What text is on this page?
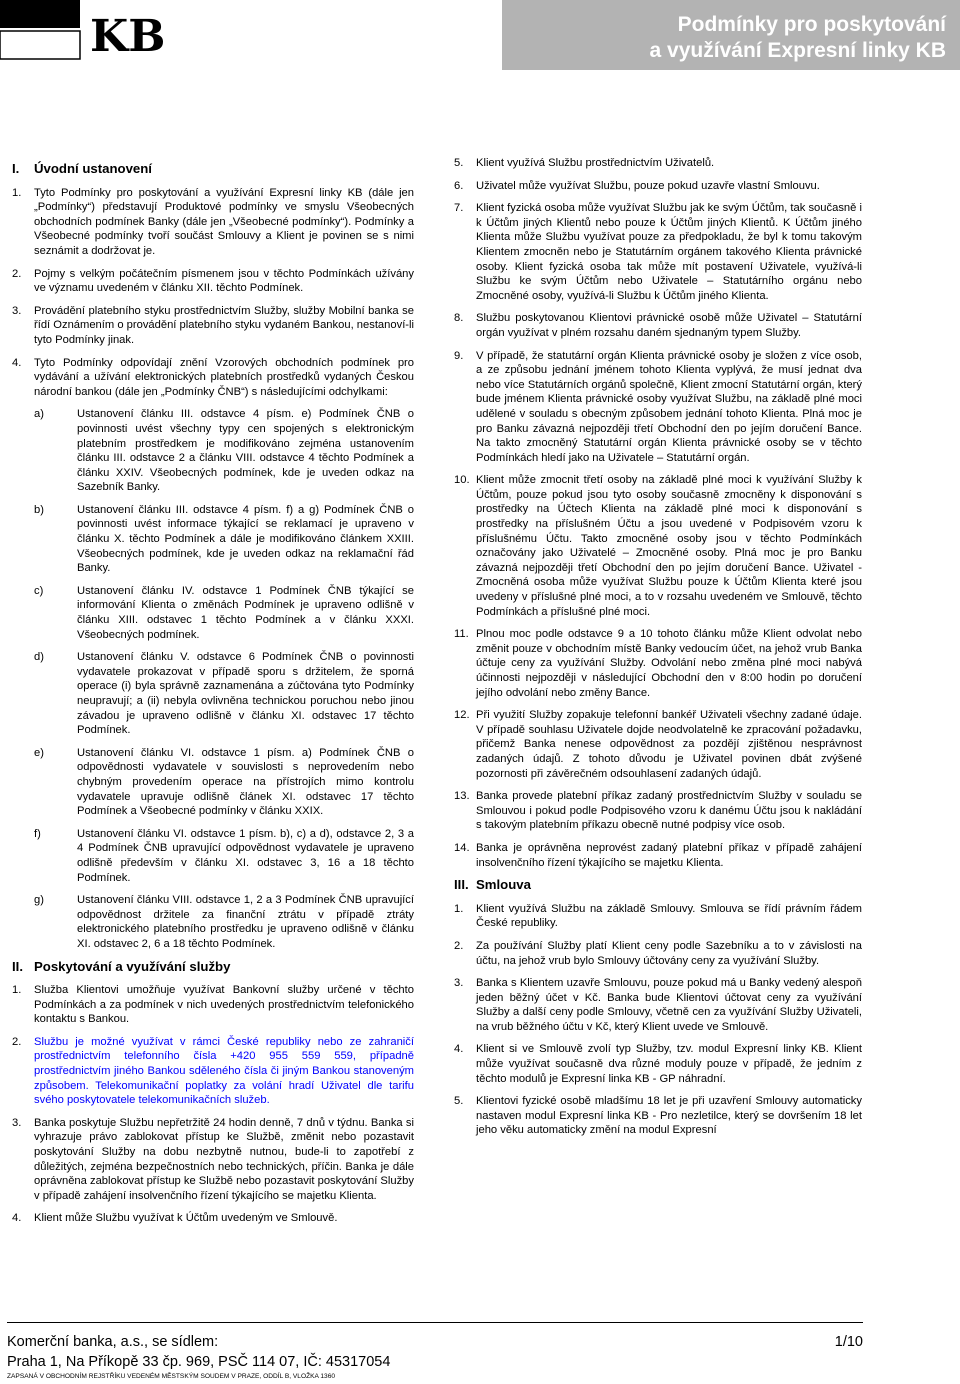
KB	Podmínky pro poskytování
a využívání Expresní linky KB
I. Úvodní ustanovení
1. Tyto Podmínky pro poskytování a využívání Expresní linky KB (dále jen „Podmínky“) představují Produktové podmínky ve smyslu Všeobecných obchodních podmínek Banky (dále jen „Všeobecné podmínky“). Podmínky a Všeobecné podmínky tvoří součást Smlouvy a Klient je povinen se s nimi seznámit a dodržovat je.
2. Pojmy s velkým počátečním písmenem jsou v těchto Podmínkách užívány ve významu uvedeném v článku XII. těchto Podmínek.
3. Provádění platebního styku prostřednictvím Služby, služby Mobilní banka se řídí Oznámením o provádění platebního styku vydaném Bankou, nestanoví-li tyto Podmínky jinak.
4. Tyto Podmínky odpovídají znění Vzorových obchodních podmínek pro vydávání a užívání elektronických platebních prostředků vydaných Českou národní bankou (dále jen „Podmínky ČNB“) s následujícími odchylkami:
a)	Ustanovení článku III. odstavce 4 písm. e) Podmínek ČNB o povinnosti uvést všechny typy cen spojených s elektronickým platebním prostředkem je modifikováno zejména ustanovením článku III. odstavce 2 a článku VIII. odstavce 4 těchto Podmínek a článku XXIV. Všeobecných podmínek, kde je uveden odkaz na Sazebník Banky.
b)	Ustanovení článku III. odstavce 4 písm. f) a g) Podmínek ČNB o povinnosti uvést informace týkající se reklamací je upraveno v článku X. těchto Podmínek a dále je modifikováno článkem XXIII. Všeobecných podmínek, kde je uveden odkaz na reklamační řád Banky.
c)	Ustanovení článku IV. odstavce 1 Podmínek ČNB týkající se informování Klienta o změnách Podmínek je upraveno odlišně v článku XIII. odstavec 1 těchto Podmínek a v článku XXXI. Všeobecných podmínek.
d)	Ustanovení článku V. odstavce 6 Podmínek ČNB o povinnosti vydavatele prokazovat v případě sporu s držitelem, že sporná operace (i) byla správně zaznamenána a zúčtována tyto Podmínky neupravují; a (ii) nebyla ovlivněna technickou poruchou nebo jinou závadou je upraveno odlišně v článku XI. odstavec 17 těchto Podmínek.
e)	Ustanovení článku VI. odstavce 1 písm. a) Podmínek ČNB o odpovědnosti vydavatele v souvislosti s neprovedením nebo chybným provedením operace na přístrojích mimo kontrolu vydavatele upravuje odlišně článek XI. odstavec 17 těchto Podmínek a Všeobecné podmínky v článku XXIX.
f)	Ustanovení článku VI. odstavce 1 písm. b), c) a d), odstavce 2, 3 a 4 Podmínek ČNB upravující odpovědnost vydavatele je upraveno odlišně především v článku XI. odstavec 3, 16 a 18 těchto Podmínek.
g)	Ustanovení článku VIII. odstavce 1, 2 a 3 Podmínek ČNB upravující odpovědnost držitele za finanční ztrátu v případě ztráty elektronického platebního prostředku je upraveno odlišně v článku XI. odstavec 2, 6 a 18 těchto Podmínek.
II. Poskytování a využívání služby
1. Služba Klientovi umožňuje využívat Bankovní služby určené v těchto Podmínkách a za podmínek v nich uvedených prostřednictvím telefonického kontaktu s Bankou.
2. Službu je možné využívat v rámci České republiky nebo ze zahraničí prostřednictvím telefonního čísla +420 955 559 559, případně prostřednictvím jiného Bankou sděleného čísla či jiným Bankou stanoveným způsobem. Telekomunikační poplatky za volání hradí Uživatel dle tarifu svého poskytovatele telekomunikačních služeb.
3. Banka poskytuje Službu nepřetržitě 24 hodin denně, 7 dnů v týdnu. Banka si vyhrazuje právo zablokovat přístup ke Službě, změnit nebo pozastavit poskytování Služby na dobu nezbytně nutnou, bude-li to zapotřebí z důležitých, zejména bezpečnostních nebo technických, příčin. Banka je dále oprávněna zablokovat přístup ke Službě nebo pozastavit poskytování Služby v případě zahájení insolvenčního řízení týkajícího se majetku Klienta.
4. Klient může Službu využívat k Účtům uvedeným ve Smlouvě.
5. Klient využívá Službu prostřednictvím Uživatelů.
6. Uživatel může využívat Službu, pouze pokud uzavře vlastní Smlouvu.
7. Klient fyzická osoba může využívat Službu jak ke svým Účtům, tak současně i k Účtům jiných Klientů nebo pouze k Účtům jiných Klientů. K Účtům jiného Klienta může Službu využívat pouze za předpokladu, že byl k tomu takovým Klientem zmocněn nebo je Statutárním orgánem takového Klienta právnické osoby. Klient fyzická osoba tak může mít postavení Uživatele, využívá-li Službu ke svým Účtům nebo Uživatele – Statutárního orgánu nebo Zmocněné osoby, využívá-li Službu k Účtům jiného Klienta.
8. Službu poskytovanou Klientovi právnické osobě může Uživatel – Statutární orgán využívat v plném rozsahu daném sjednaným typem Služby.
9. V případě, že statutární orgán Klienta právnické osoby je složen z více osob, a ze způsobu jednání jménem tohoto Klienta vyplývá, že musí jednat dva nebo více Statutárních orgánů společně, Klient zmocní Statutární orgán, který bude jménem Klienta právnické osoby využívat Službu, na základě plné moci udělené v souladu s obecným způsobem jednání tohoto Klienta. Plná moc je pro Banku závazná nejpozději třetí Obchodní den po jejím doručení Bance. Na takto zmocněný Statutární orgán Klienta právnické osoby se v těchto Podmínkách hledí jako na Uživatele – Statutární orgán.
10. Klient může zmocnit třetí osoby na základě plné moci k využívání Služby k Účtům, pouze pokud jsou tyto osoby současně zmocněny k disponování s prostředky na Účtech Klienta na základě plné moci k disponování s prostředky na příslušném Účtu a jsou uvedené v Podpisovém vzoru k příslušnému Účtu. Takto zmocněné osoby jsou v těchto Podmínkách označovány jako Uživatelé – Zmocněné osoby. Plná moc je pro Banku závazná nejpozději třetí Obchodní den po jejím doručení Bance. Uživatel - Zmocněná osoba může využívat Službu pouze k Účtům Klienta které jsou uvedeny v příslušné plné moci, a to v rozsahu uvedeném ve Smlouvě, těchto Podmínkách a příslušné plné moci.
11. Plnou moc podle odstavce 9 a 10 tohoto článku může Klient odvolat nebo změnit pouze v obchodním místě Banky vedoucím účet, na jehož vrub Banka účtuje ceny za využívání Služby. Odvolání nebo změna plné moci nabývá účinnosti nejpozději v následující Obchodní den v 8:00 hodin po doručení jejího odvolání nebo změny Bance.
12. Při využití Služby zopakuje telefonní bankéř Uživateli všechny zadané údaje. V případě souhlasu Uživatele dojde neodvolatelně ke zpracování požadavku, přičemž Banka nenese odpovědnost za pozdějí zjištěnou nesprávnost zadaných údajů. Z tohoto důvodu je Uživatel povinen dbát zvýšené pozornosti při závěrečném odsouhlasení zadaných údajů.
13. Banka provede platební příkaz zadaný prostřednictvím Služby v souladu se Smlouvou i pokud podle Podpisového vzoru k danému Účtu jsou k nakládání s takovým platebním příkazu obecně nutné podpisy více osob.
14. Banka je oprávněna neprovést zadaný platební příkaz v případě zahájení insolvenčního řízení týkajícího se majetku Klienta.
III. Smlouva
1. Klient využívá Službu na základě Smlouvy. Smlouva se řídí právním řádem České republiky.
2. Za používání Služby platí Klient ceny podle Sazebníku a to v závislosti na účtu, na jehož vrub bylo Smlouvy účtovány ceny za využívání Služby.
3. Banka s Klientem uzavře Smlouvu, pouze pokud má u Banky vedený alespoň jeden běžný účet v Kč. Banka bude Klientovi účtovat ceny za využívání Služby a další ceny podle Smlouvy, včetně cen za využívání Služby Uživateli, na vrub běžného účtu v Kč, který Klient uvede ve Smlouvě.
4. Klient si ve Smlouvě zvolí typ Služby, tzv. modul Expresní linky KB. Klient může využívat současně dva různé moduly pouze v případě, že jedním z těchto modulů je Expresní linka KB - GP náhradní.
5. Klientovi fyzické osobě mladšímu 18 let je při uzavření Smlouvy automaticky nastaven modul Expresní linka KB - Pro nezletilce, který se dovršením 18 let jeho věku automaticky změní na modul Expresní
Komerční banka, a.s., se sídlem:	1/10
Praha 1, Na Příkopě 33 čp. 969, PSČ 114 07, IČ: 45317054
ZAPSANÁ V OBCHODNÍM REJSTŘÍKU VEDENÉM MĚSTSKÝM SOUDEM V PRAZE, ODDÍL B, VLOŽKA 1360
